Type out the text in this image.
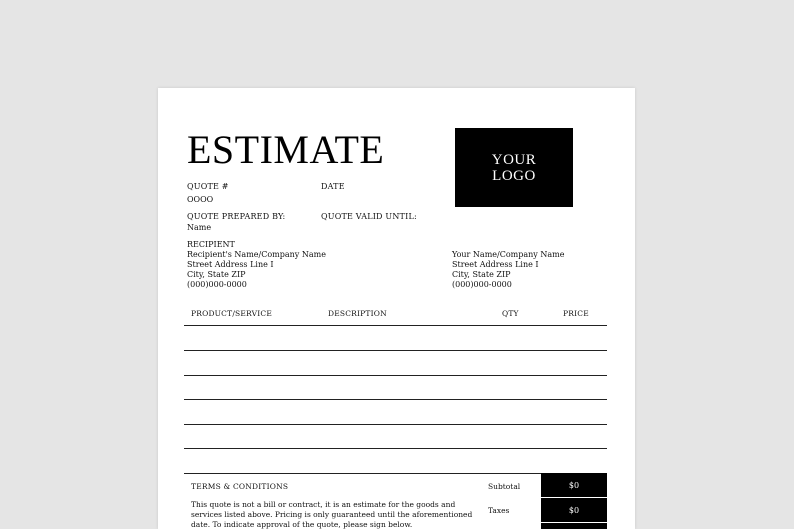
ESTIMATE
QUOTE #
OOOO
DATE
QUOTE PREPARED BY:
Name
QUOTE VALID UNTIL:
YOUR
LOGO
RECIPIENT
Recipient's Name/Company Name
Street Address Line I
City, State ZIP
(000)000-0000
Your Name/Company Name
Street Address Line I
City, State ZIP
(000)000-0000
PRODUCT/SERVICE	DESCRIPTION	QTY	PRICE
TERMS & CONDITIONS
This quote is not a bill or contract, it is an estimate for the goods and services listed above. Pricing is only guaranteed until the aforementioned date. To indicate approval of the quote, please sign below.
Subtotal	$0
Taxes	$0
